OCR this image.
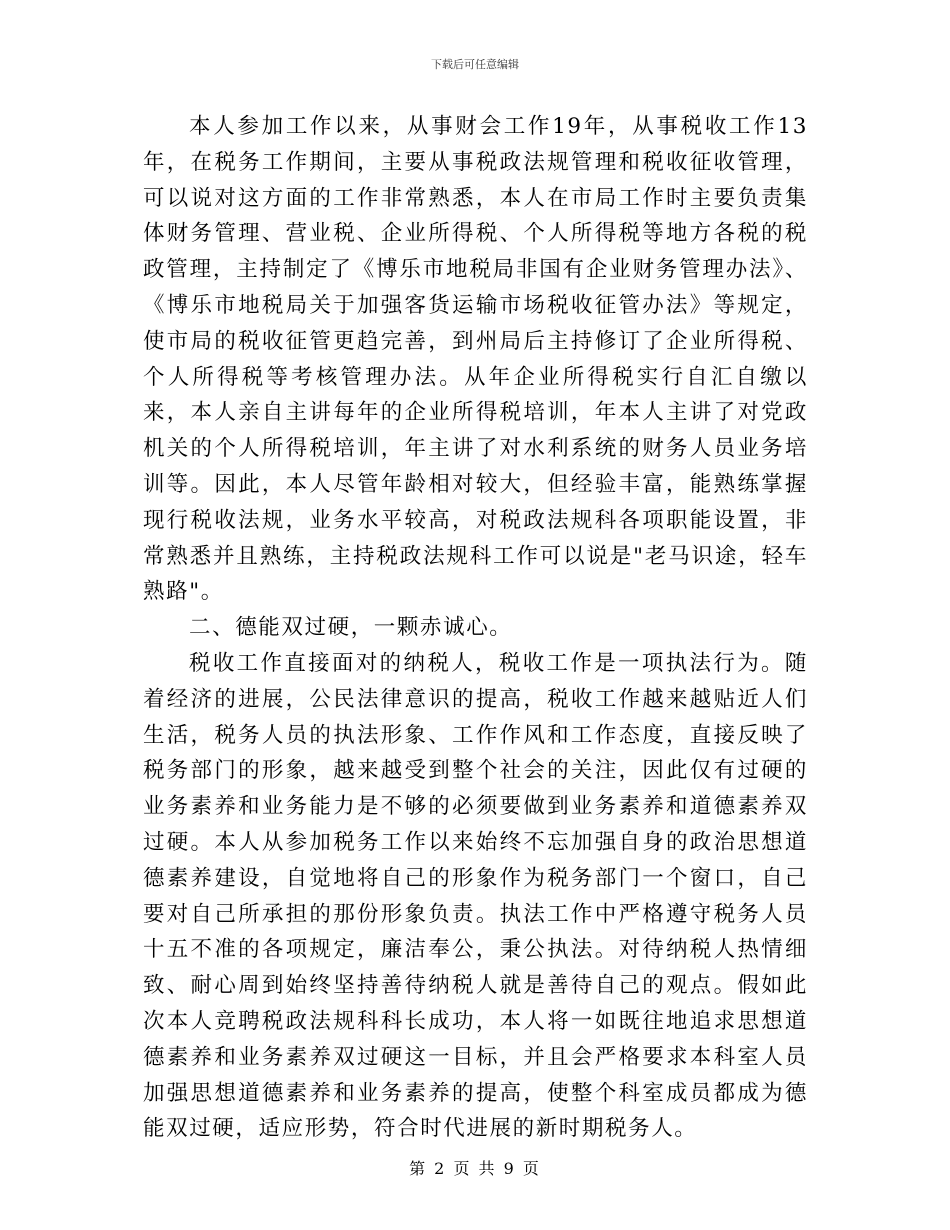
下载后可任意编辑

本人参加工作以来，从事财会工作19年，从事税收工作13年，在税务工作期间，主要从事税政法规管理和税收征收管理，可以说对这方面的工作非常熟悉，本人在市局工作时主要负责集体财务管理、营业税、企业所得税、个人所得税等地方各税的税政管理，主持制定了《博乐市地税局非国有企业财务管理办法》、《博乐市地税局关于加强客货运输市场税收征管办法》等规定，使市局的税收征管更趋完善，到州局后主持修订了企业所得税、个人所得税等考核管理办法。从年企业所得税实行自汇自缴以来，本人亲自主讲每年的企业所得税培训，年本人主讲了对党政机关的个人所得税培训，年主讲了对水利系统的财务人员业务培训等。因此，本人尽管年龄相对较大，但经验丰富，能熟练掌握现行税收法规，业务水平较高，对税政法规科各项职能设置，非常熟悉并且熟练，主持税政法规科工作可以说是"老马识途，轻车熟路"。

二、德能双过硬，一颗赤诚心。

税收工作直接面对的纳税人，税收工作是一项执法行为。随着经济的进展，公民法律意识的提高，税收工作越来越贴近人们生活，税务人员的执法形象、工作作风和工作态度，直接反映了税务部门的形象，越来越受到整个社会的关注，因此仅有过硬的业务素养和业务能力是不够的必须要做到业务素养和道德素养双过硬。本人从参加税务工作以来始终不忘加强自身的政治思想道德素养建设，自觉地将自己的形象作为税务部门一个窗口，自己要对自己所承担的那份形象负责。执法工作中严格遵守税务人员十五不准的各项规定，廉洁奉公，秉公执法。对待纳税人热情细致、耐心周到始终坚持善待纳税人就是善待自己的观点。假如此次本人竞聘税政法规科科长成功，本人将一如既往地追求思想道德素养和业务素养双过硬这一目标，并且会严格要求本科室人员加强思想道德素养和业务素养的提高，使整个科室成员都成为德能双过硬，适应形势，符合时代进展的新时期税务人。

第 2 页 共 9 页
